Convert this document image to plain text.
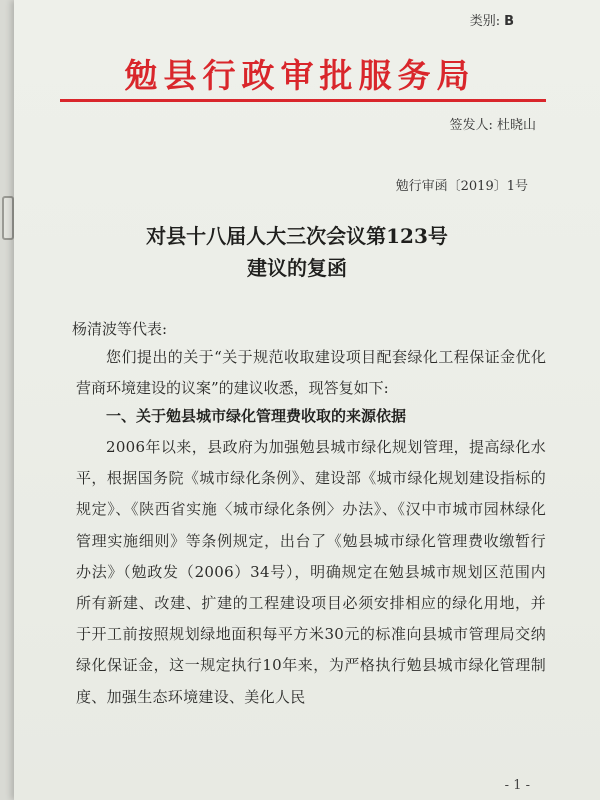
类别: B
勉县行政审批服务局
签发人: 杜晓山
勉行审函〔2019〕1号
对县十八届人大三次会议第123号
建议的复函
杨清波等代表:
您们提出的关于“关于规范收取建设项目配套绿化工程保证金优化营商环境建设的议案”的建议收悉，现答复如下:
一、关于勉县城市绿化管理费收取的来源依据
2006年以来，县政府为加强勉县城市绿化规划管理，提高绿化水平，根据国务院《城市绿化条例》、建设部《城市绿化规划建设指标的规定》、《陕西省实施〈城市绿化条例〉办法》、《汉中市城市园林绿化管理实施细则》等条例规定，出台了《勉县城市绿化管理费收缴暂行办法》（勉政发（2006）34号），明确规定在勉县城市规划区范围内所有新建、改建、扩建的工程建设项目必须安排相应的绿化用地，并于开工前按照规划绿地面积每平方米30元的标准向县城市管理局交纳绿化保证金，这一规定执行10年来，为严格执行勉县城市绿化管理制度、加强生态环境建设、美化人民
- 1 -
